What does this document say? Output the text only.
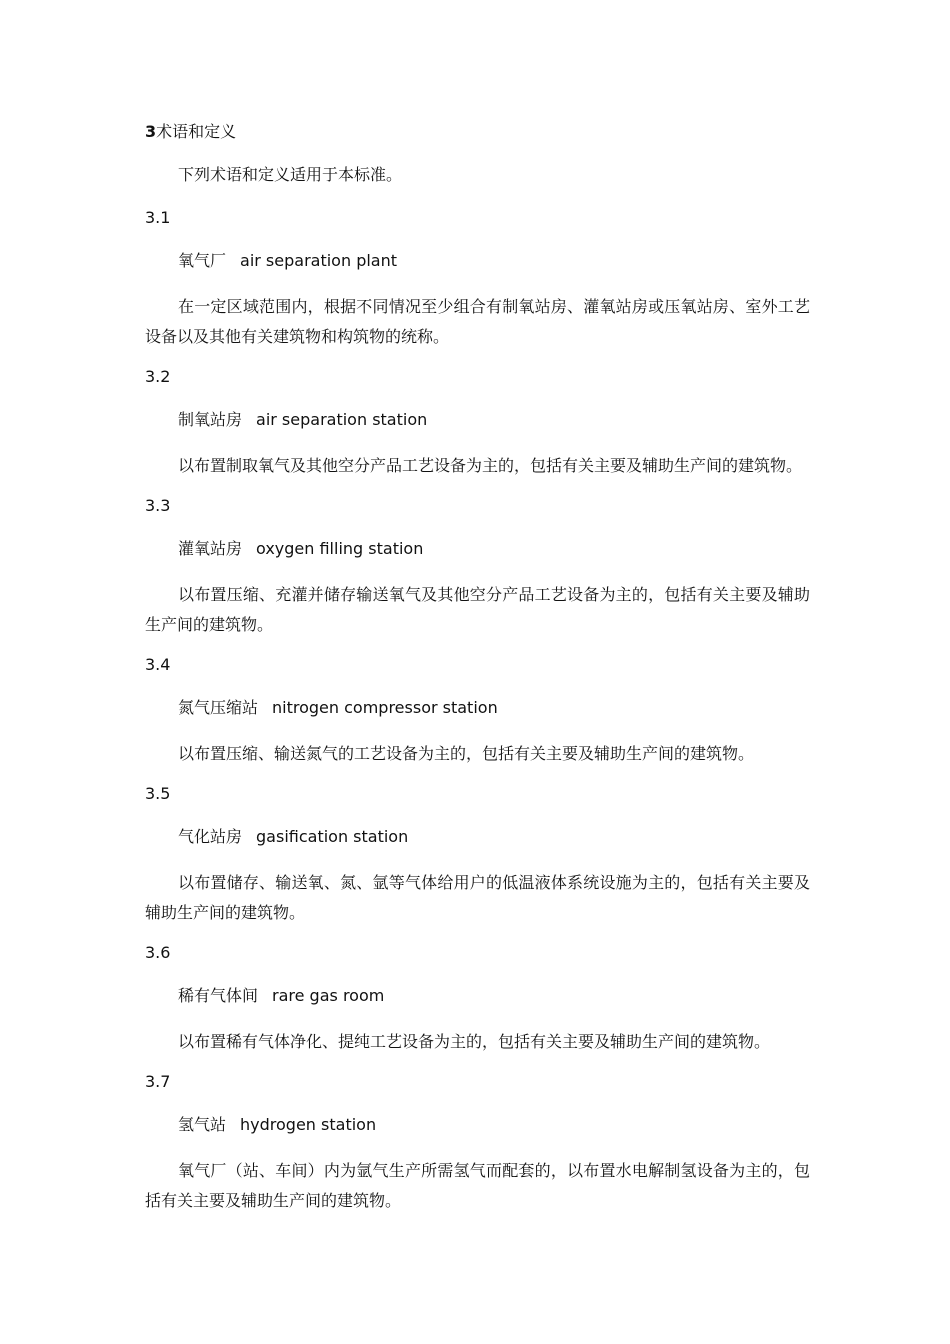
3术语和定义
下列术语和定义适用于本标准。
3.1
氧气厂 air separation plant
在一定区域范围内，根据不同情况至少组合有制氧站房、灌氧站房或压氧站房、室外工艺设备以及其他有关建筑物和构筑物的统称。
3.2
制氧站房 air separation station
以布置制取氧气及其他空分产品工艺设备为主的，包括有关主要及辅助生产间的建筑物。
3.3
灌氧站房 oxygen filling station
以布置压缩、充灌并储存输送氧气及其他空分产品工艺设备为主的，包括有关主要及辅助生产间的建筑物。
3.4
氮气压缩站 nitrogen compressor station
以布置压缩、输送氮气的工艺设备为主的，包括有关主要及辅助生产间的建筑物。
3.5
气化站房 gasification station
以布置储存、输送氧、氮、氩等气体给用户的低温液体系统设施为主的，包括有关主要及辅助生产间的建筑物。
3.6
稀有气体间 rare gas room
以布置稀有气体净化、提纯工艺设备为主的，包括有关主要及辅助生产间的建筑物。
3.7
氢气站 hydrogen station
氧气厂（站、车间）内为氩气生产所需氢气而配套的，以布置水电解制氢设备为主的，包括有关主要及辅助生产间的建筑物。
